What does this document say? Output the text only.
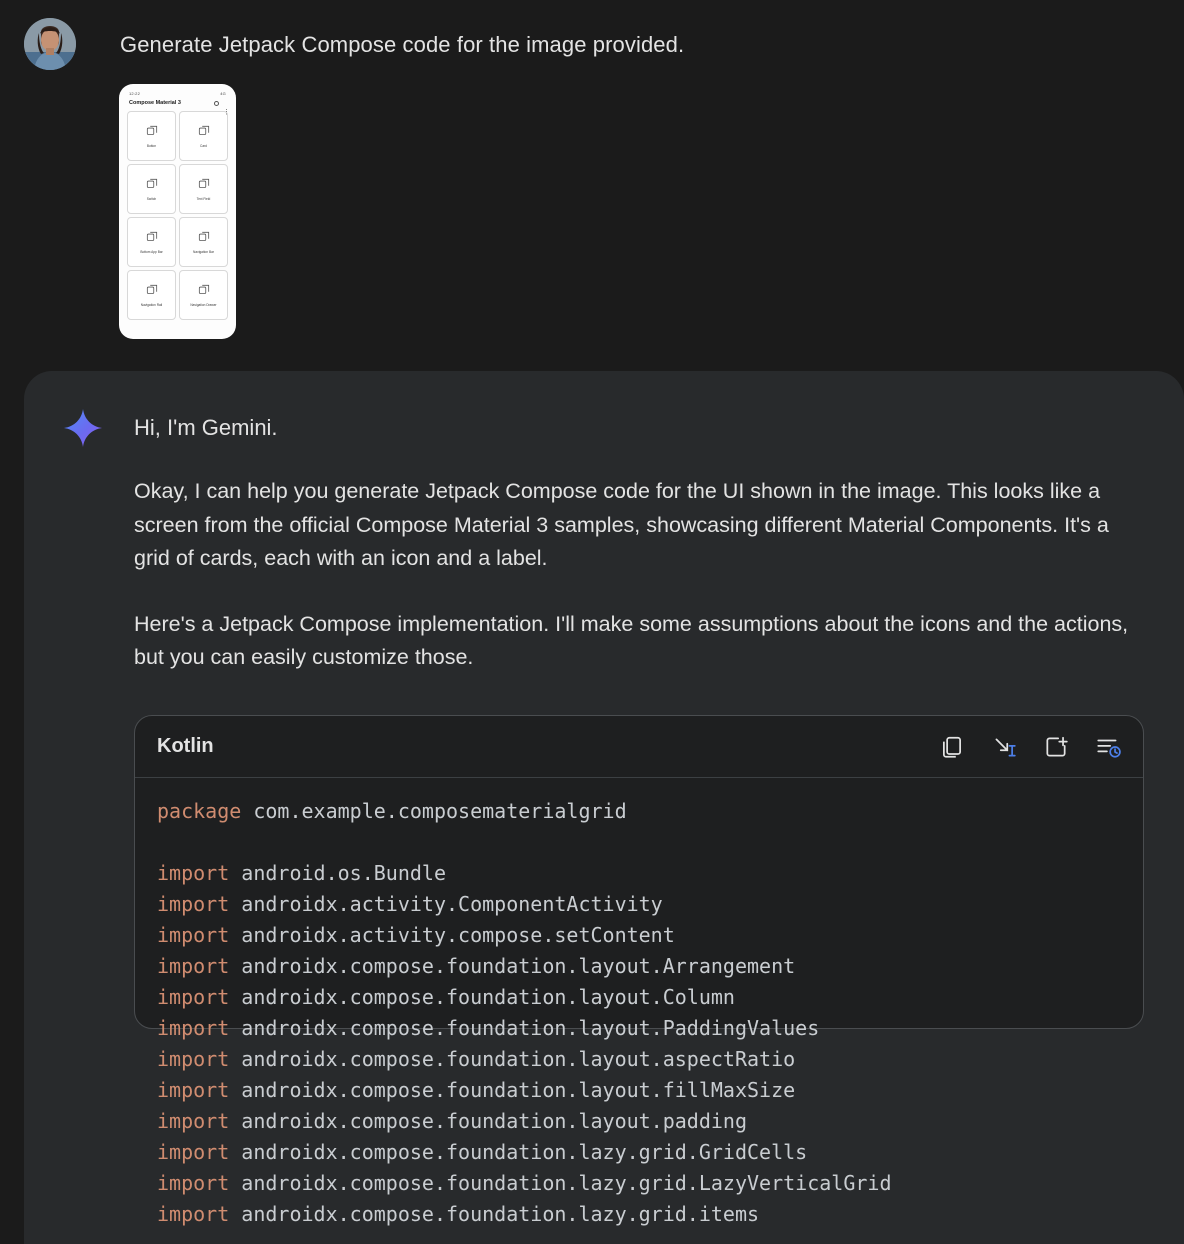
Generate Jetpack Compose code for the image provided.
12:22	4G
Compose Material 3
⋮
Button	Card
Switch	Text Field
Bottom App Bar	Navigation Bar
Navigation Rail	Navigation Drawer
Hi, I'm Gemini.

Okay, I can help you generate Jetpack Compose code for the UI shown in the image. This looks like a screen from the official Compose Material 3 samples, showcasing different Material Components. It's a grid of cards, each with an icon and a label.

Here's a Jetpack Compose implementation. I'll make some assumptions about the icons and the actions, but you can easily customize those.

Kotlin
package com.example.composematerialgrid

import android.os.Bundle
import androidx.activity.ComponentActivity
import androidx.activity.compose.setContent
import androidx.compose.foundation.layout.Arrangement
import androidx.compose.foundation.layout.Column
import androidx.compose.foundation.layout.PaddingValues
import androidx.compose.foundation.layout.aspectRatio
import androidx.compose.foundation.layout.fillMaxSize
import androidx.compose.foundation.layout.padding
import androidx.compose.foundation.lazy.grid.GridCells
import androidx.compose.foundation.lazy.grid.LazyVerticalGrid
import androidx.compose.foundation.lazy.grid.items
